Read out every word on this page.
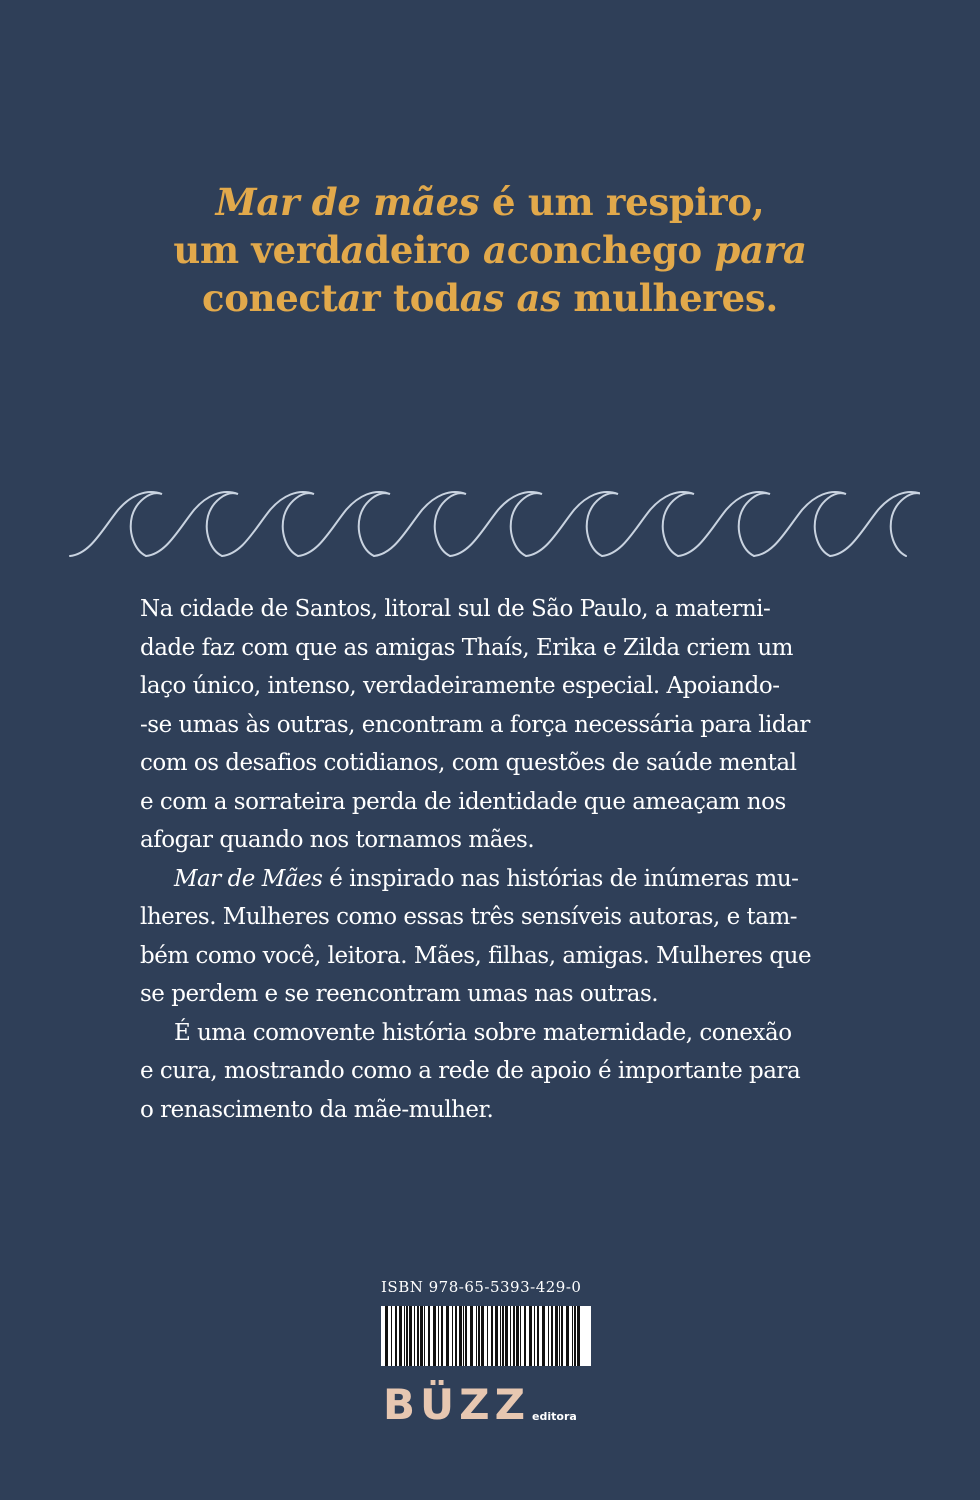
Mar de mães é um respiro,
um verdadeiro aconchego para
conectar todas as mulheres.
Na cidade de Santos, litoral sul de São Paulo, a materni-
dade faz com que as amigas Thaís, Erika e Zilda criem um
laço único, intenso, verdadeiramente especial. Apoiando-
-se umas às outras, encontram a força necessária para lidar
com os desafios cotidianos, com questões de saúde mental
e com a sorrateira perda de identidade que ameaçam nos
afogar quando nos tornamos mães.
Mar de Mães é inspirado nas histórias de inúmeras mu-
lheres. Mulheres como essas três sensíveis autoras, e tam-
bém como você, leitora. Mães, filhas, amigas. Mulheres que
se perdem e se reencontram umas nas outras.
É uma comovente história sobre maternidade, conexão
e cura, mostrando como a rede de apoio é importante para
o renascimento da mãe-mulher.
ISBN 978-65-5393-429-0
BÜZZ editora
